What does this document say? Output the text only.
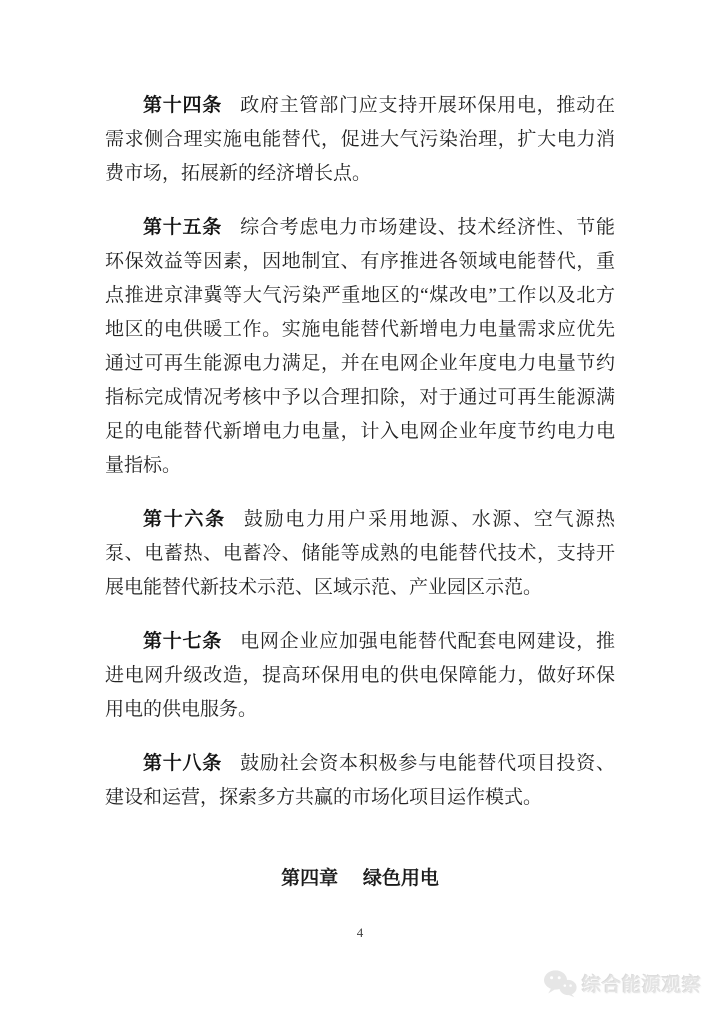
第十四条 政府主管部门应支持开展环保用电，推动在需求侧合理实施电能替代，促进大气污染治理，扩大电力消费市场，拓展新的经济增长点。

第十五条 综合考虑电力市场建设、技术经济性、节能环保效益等因素，因地制宜、有序推进各领域电能替代，重点推进京津冀等大气污染严重地区的“煤改电”工作以及北方地区的电供暖工作。实施电能替代新增电力电量需求应优先通过可再生能源电力满足，并在电网企业年度电力电量节约指标完成情况考核中予以合理扣除，对于通过可再生能源满足的电能替代新增电力电量，计入电网企业年度节约电力电量指标。

第十六条 鼓励电力用户采用地源、水源、空气源热泵、电蓄热、电蓄冷、储能等成熟的电能替代技术，支持开展电能替代新技术示范、区域示范、产业园区示范。

第十七条 电网企业应加强电能替代配套电网建设，推进电网升级改造，提高环保用电的供电保障能力，做好环保用电的供电服务。

第十八条 鼓励社会资本积极参与电能替代项目投资、建设和运营，探索多方共赢的市场化项目运作模式。

第四章 绿色用电
4
综合能源观察
